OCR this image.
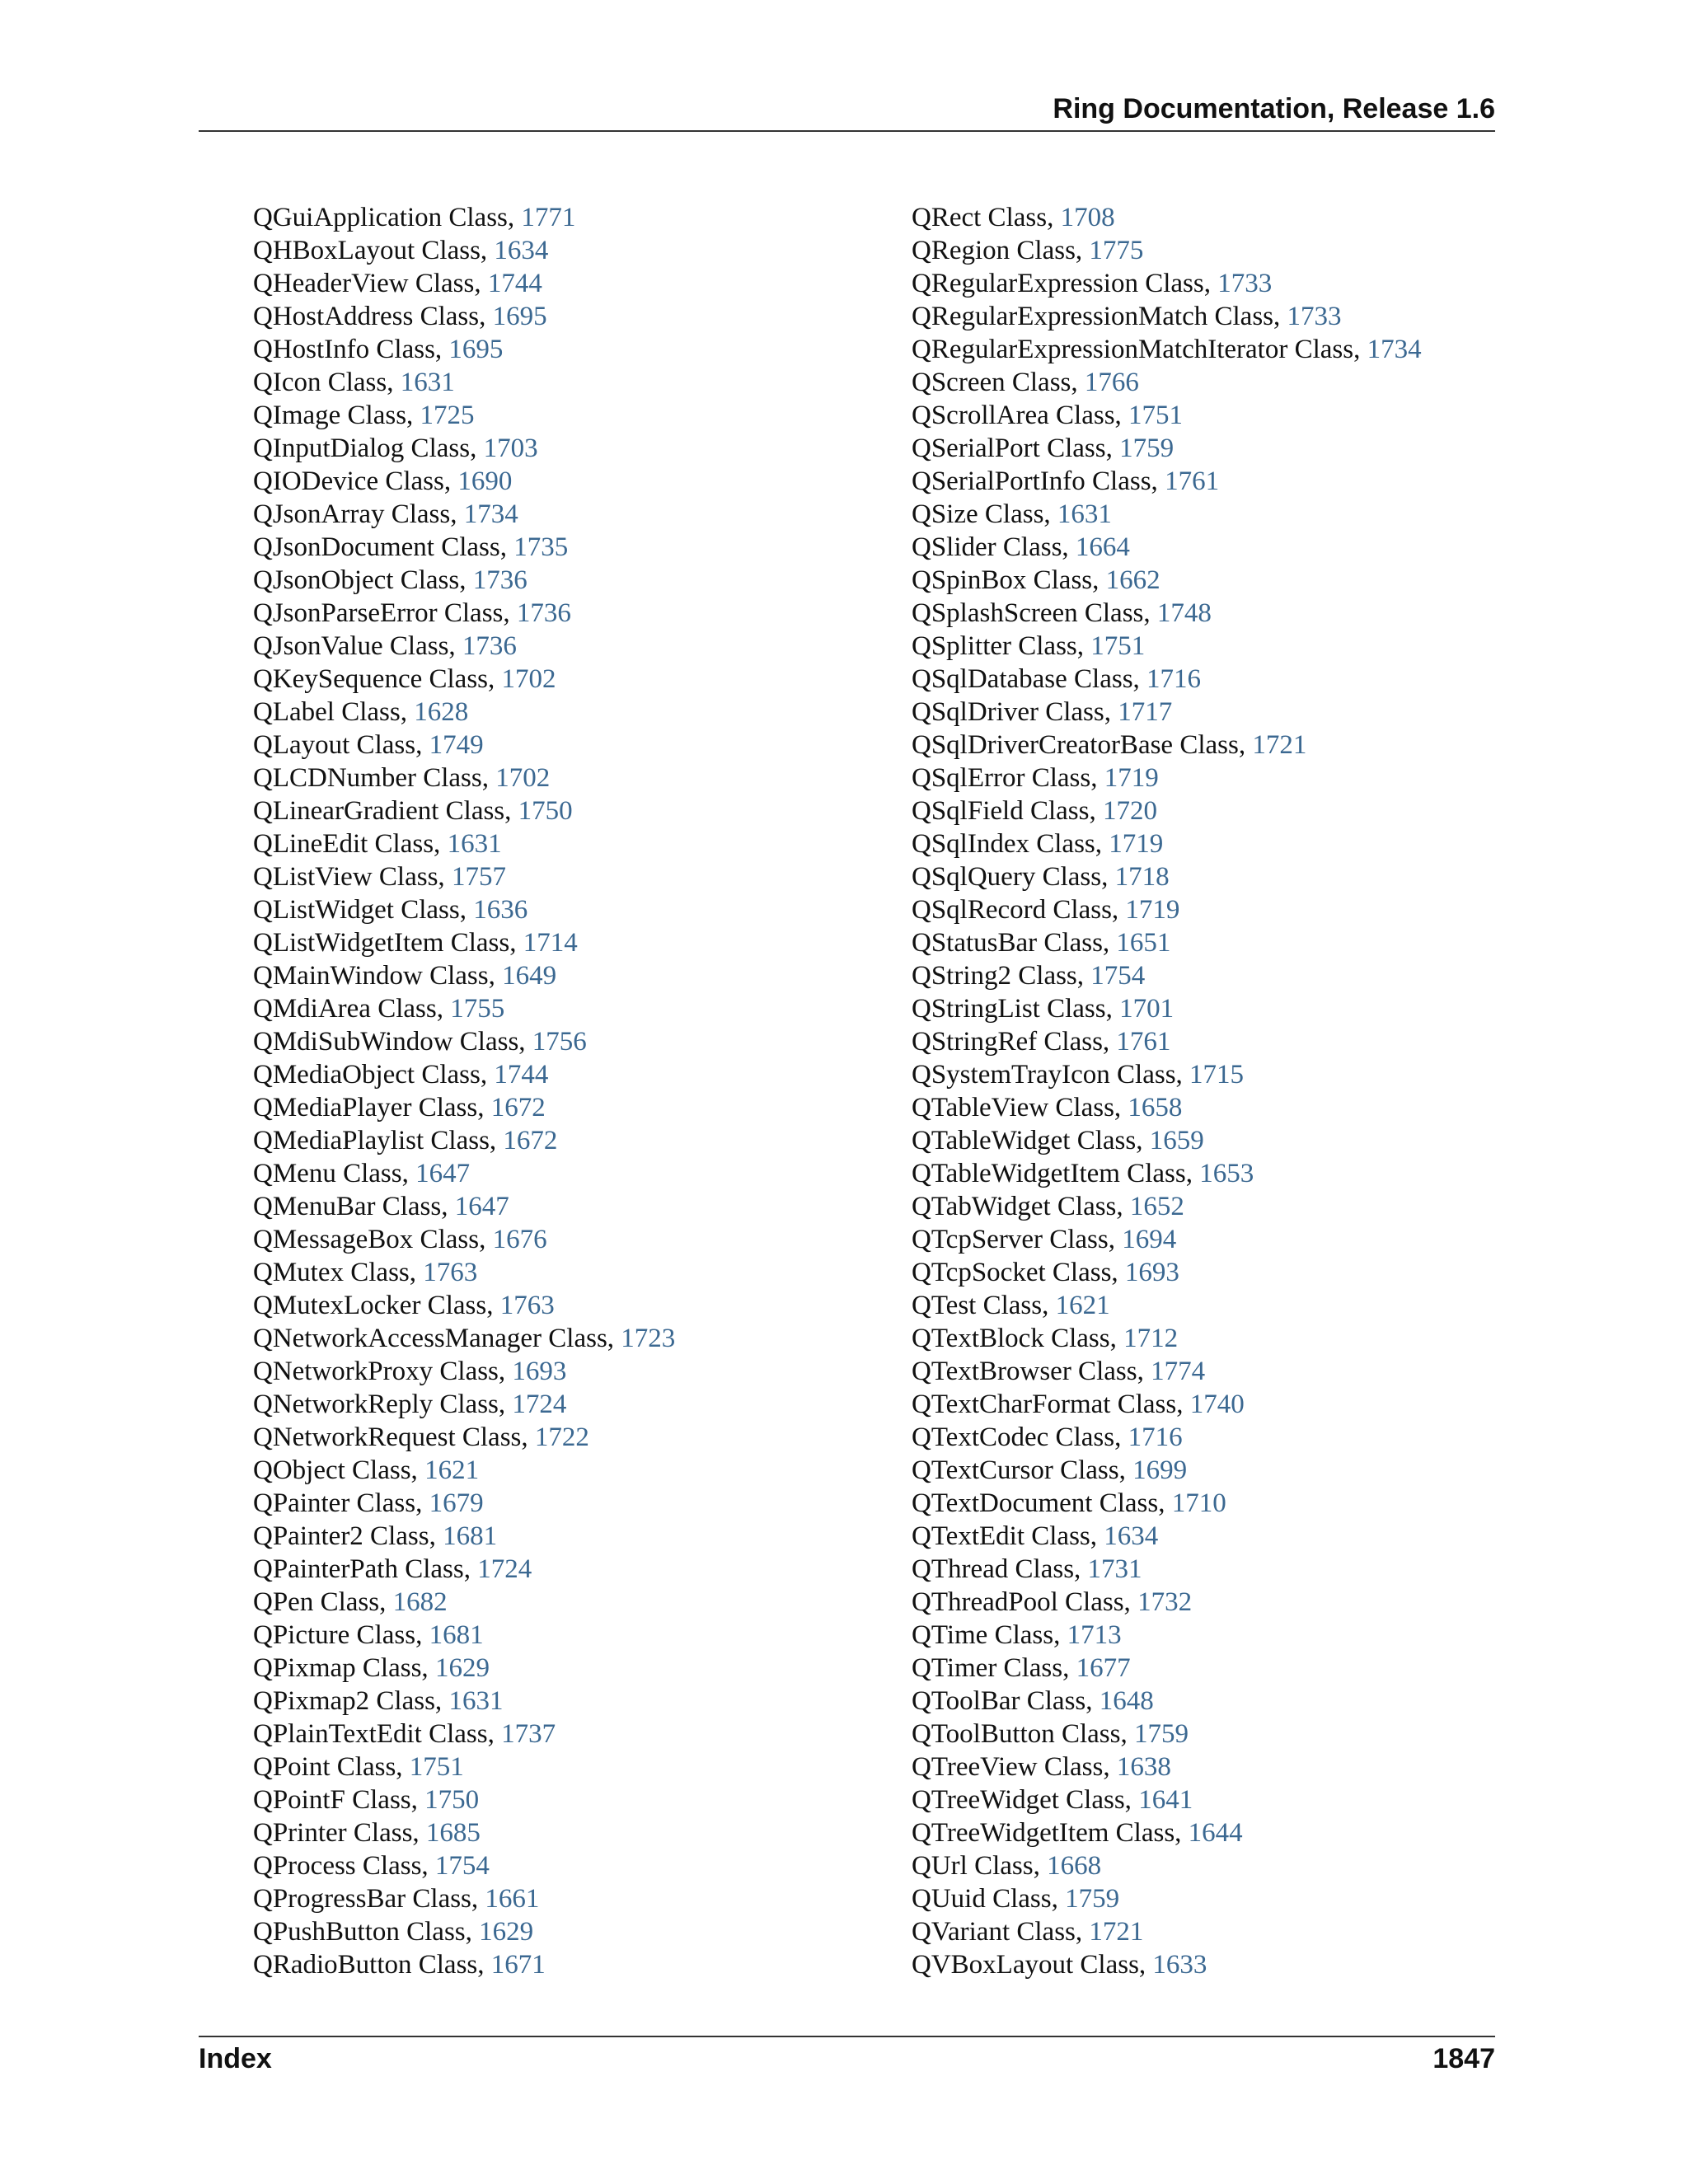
Ring Documentation, Release 1.6
QGuiApplication Class, 1771
QHBoxLayout Class, 1634
QHeaderView Class, 1744
QHostAddress Class, 1695
QHostInfo Class, 1695
QIcon Class, 1631
QImage Class, 1725
QInputDialog Class, 1703
QIODevice Class, 1690
QJsonArray Class, 1734
QJsonDocument Class, 1735
QJsonObject Class, 1736
QJsonParseError Class, 1736
QJsonValue Class, 1736
QKeySequence Class, 1702
QLabel Class, 1628
QLayout Class, 1749
QLCDNumber Class, 1702
QLinearGradient Class, 1750
QLineEdit Class, 1631
QListView Class, 1757
QListWidget Class, 1636
QListWidgetItem Class, 1714
QMainWindow Class, 1649
QMdiArea Class, 1755
QMdiSubWindow Class, 1756
QMediaObject Class, 1744
QMediaPlayer Class, 1672
QMediaPlaylist Class, 1672
QMenu Class, 1647
QMenuBar Class, 1647
QMessageBox Class, 1676
QMutex Class, 1763
QMutexLocker Class, 1763
QNetworkAccessManager Class, 1723
QNetworkProxy Class, 1693
QNetworkReply Class, 1724
QNetworkRequest Class, 1722
QObject Class, 1621
QPainter Class, 1679
QPainter2 Class, 1681
QPainterPath Class, 1724
QPen Class, 1682
QPicture Class, 1681
QPixmap Class, 1629
QPixmap2 Class, 1631
QPlainTextEdit Class, 1737
QPoint Class, 1751
QPointF Class, 1750
QPrinter Class, 1685
QProcess Class, 1754
QProgressBar Class, 1661
QPushButton Class, 1629
QRadioButton Class, 1671
QRect Class, 1708
QRegion Class, 1775
QRegularExpression Class, 1733
QRegularExpressionMatch Class, 1733
QRegularExpressionMatchIterator Class, 1734
QScreen Class, 1766
QScrollArea Class, 1751
QSerialPort Class, 1759
QSerialPortInfo Class, 1761
QSize Class, 1631
QSlider Class, 1664
QSpinBox Class, 1662
QSplashScreen Class, 1748
QSplitter Class, 1751
QSqlDatabase Class, 1716
QSqlDriver Class, 1717
QSqlDriverCreatorBase Class, 1721
QSqlError Class, 1719
QSqlField Class, 1720
QSqlIndex Class, 1719
QSqlQuery Class, 1718
QSqlRecord Class, 1719
QStatusBar Class, 1651
QString2 Class, 1754
QStringList Class, 1701
QStringRef Class, 1761
QSystemTrayIcon Class, 1715
QTableView Class, 1658
QTableWidget Class, 1659
QTableWidgetItem Class, 1653
QTabWidget Class, 1652
QTcpServer Class, 1694
QTcpSocket Class, 1693
QTest Class, 1621
QTextBlock Class, 1712
QTextBrowser Class, 1774
QTextCharFormat Class, 1740
QTextCodec Class, 1716
QTextCursor Class, 1699
QTextDocument Class, 1710
QTextEdit Class, 1634
QThread Class, 1731
QThreadPool Class, 1732
QTime Class, 1713
QTimer Class, 1677
QToolBar Class, 1648
QToolButton Class, 1759
QTreeView Class, 1638
QTreeWidget Class, 1641
QTreeWidgetItem Class, 1644
QUrl Class, 1668
QUuid Class, 1759
QVariant Class, 1721
QVBoxLayout Class, 1633
Index	1847
